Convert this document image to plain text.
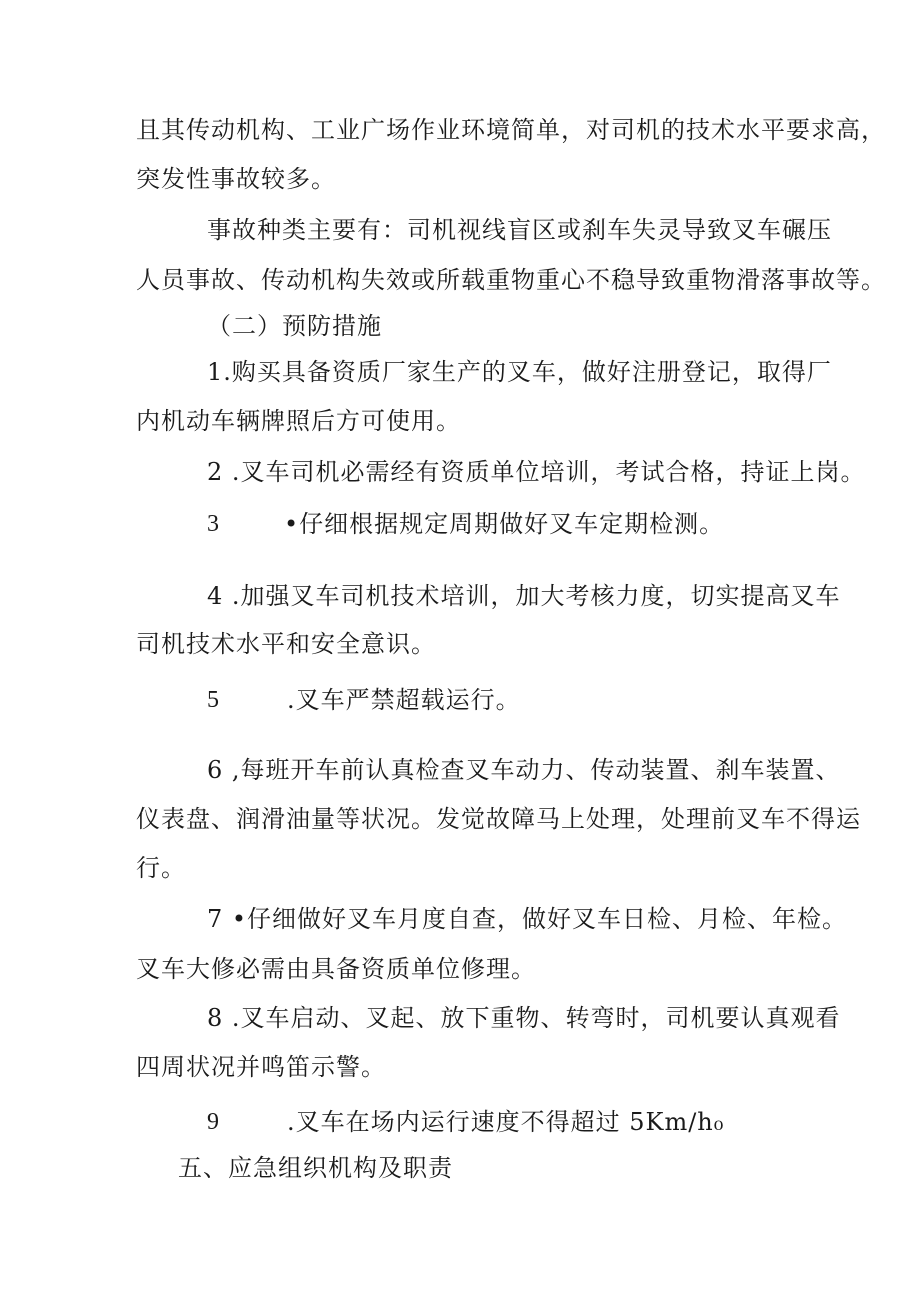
且其传动机构、工业广场作业环境简单，对司机的技术水平要求高，
突发性事故较多。
事故种类主要有：司机视线盲区或刹车失灵导致叉车碾压
人员事故、传动机构失效或所载重物重心不稳导致重物滑落事故等。
（二）预防措施
1.购买具备资质厂家生产的叉车，做好注册登记，取得厂
内机动车辆牌照后方可使用。
2 .叉车司机必需经有资质单位培训，考试合格，持证上岗。
3	•仔细根据规定周期做好叉车定期检测。
4 .加强叉车司机技术培训，加大考核力度，切实提高叉车
司机技术水平和安全意识。
5	.叉车严禁超载运行。
6 ,每班开车前认真检查叉车动力、传动装置、刹车装置、
仪表盘、润滑油量等状况。发觉故障马上处理，处理前叉车不得运
行。
7 •仔细做好叉车月度自查，做好叉车日检、月检、年检。
叉车大修必需由具备资质单位修理。
8 .叉车启动、叉起、放下重物、转弯时，司机要认真观看
四周状况并鸣笛示警。
9	.叉车在场内运行速度不得超过 5Km∕h₀
五、应急组织机构及职责
